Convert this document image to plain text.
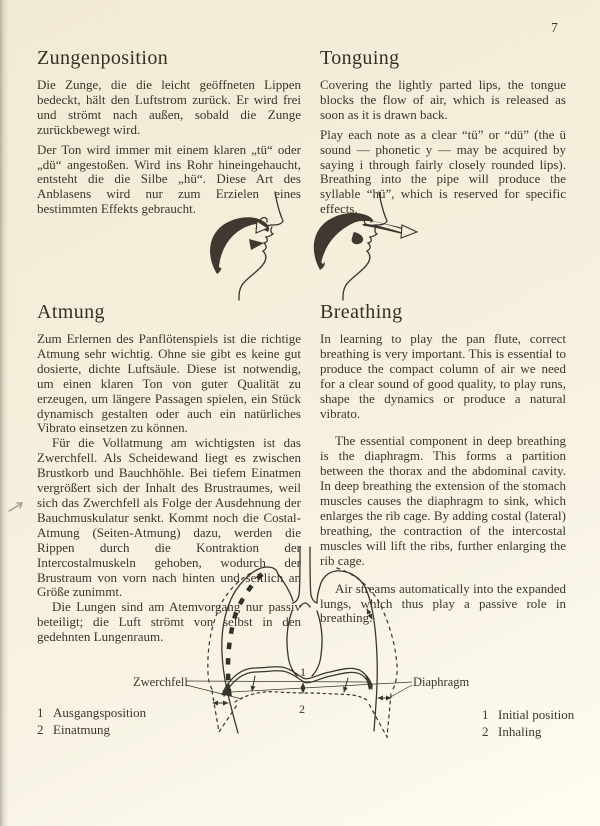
7
Zungenposition

Die Zunge, die die leicht geöffneten Lippen bedeckt, hält den Luftstrom zurück. Er wird frei und strömt nach außen, sobald die Zunge zurückbewegt wird.

Der Ton wird immer mit einem klaren „tü“ oder „dü“ angestoßen. Wird ins Rohr hineingehaucht, entsteht die die Silbe „hü“. Diese Art des Anblasens wird nur zum Erzielen eines bestimmten Effekts gebraucht.

Tonguing

Covering the lightly parted lips, the tongue blocks the flow of air, which is released as soon as it is drawn back.

Play each note as a clear “tü” or “dü” (the ü sound — phonetic y — may be acquired by saying i through fairly closely rounded lips). Breathing into the pipe will produce the syllable “hü”, which is reserved for specific effects.

Atmung

Zum Erlernen des Panflötenspiels ist die richtige Atmung sehr wichtig. Ohne sie gibt es keine gut dosierte, dichte Luftsäule. Diese ist notwendig, um einen klaren Ton von guter Qualität zu erzeugen, um längere Passagen spielen, ein Stück dynamisch gestalten oder auch ein natürliches Vibrato einsetzen zu können.

Für die Vollatmung am wichtigsten ist das Zwerchfell. Als Scheidewand liegt es zwischen Brustkorb und Bauchhöhle. Bei tiefem Einatmen vergrößert sich der Inhalt des Brustraumes, weil sich das Zwerchfell als Folge der Ausdehnung der Bauchmuskulatur senkt. Kommt noch die Costal-Atmung (Seiten-Atmung) dazu, werden die Rippen durch die Kontraktion der Intercostalmuskeln gehoben, wodurch der Brustraum von vorn nach hinten und seitlich an Größe zunimmt.

Die Lungen sind am Atemvorgang nur passiv beteiligt; die Luft strömt von selbst in den gedehnten Lungenraum.

Breathing

In learning to play the pan flute, correct breathing is very important. This is essential to produce the compact column of air we need for a clear sound of good quality, to play runs, shape the dynamics or produce a natural vibrato.

The essential component in deep breathing is the diaphragm. This forms a partition between the thorax and the abdominal cavity. In deep breathing the extension of the stomach muscles causes the diaphragm to sink, which enlarges the rib cage. By adding costal (lateral) breathing, the contraction of the intercostal muscles will lift the ribs, further enlarging the rib cage.

Air streams automatically into the expanded lungs, which thus play a passive role in breathing.

Zwerchfell	Diaphragm
1
2
1 Ausgangsposition
2 Einatmung
1 Initial position
2 Inhaling
